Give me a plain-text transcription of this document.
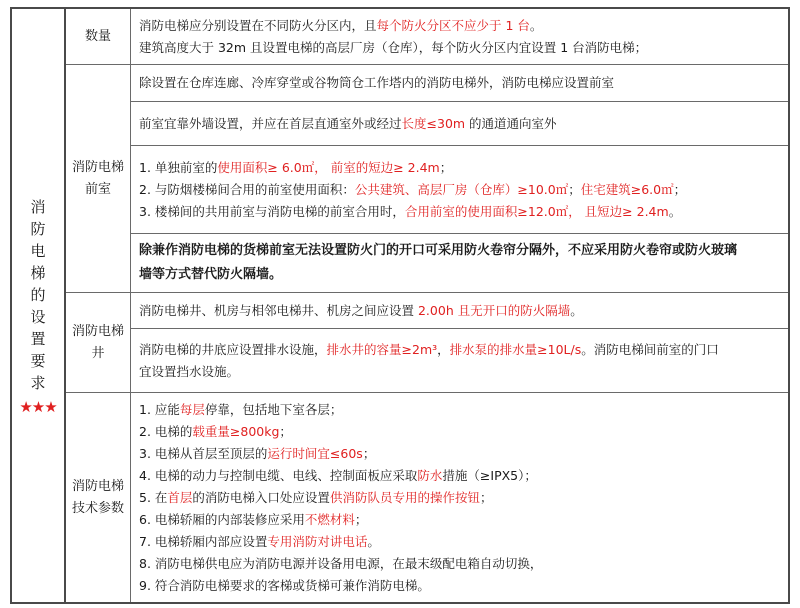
消
防
电
梯
的
设
置
要
求
★★★
数量
消防电梯应分别设置在不同防火分区内，且每个防火分区不应少于 1 台。
建筑高度大于 32m 且设置电梯的高层厂房（仓库），每个防火分区内宜设置 1 台消防电梯；
消防电梯前室
除设置在仓库连廊、冷库穿堂或谷物筒仓工作塔内的消防电梯外，消防电梯应设置前室
前室宜靠外墙设置，并应在首层直通室外或经过长度≤30m 的通道通向室外
1. 单独前室的使用面积≥ 6.0㎡， 前室的短边≥ 2.4m；
2. 与防烟楼梯间合用的前室使用面积：公共建筑、高层厂房（仓库）≥10.0㎡；住宅建筑≥6.0㎡；
3. 楼梯间的共用前室与消防电梯的前室合用时，合用前室的使用面积≥12.0㎡， 且短边≥ 2.4m。
除兼作消防电梯的货梯前室无法设置防火门的开口可采用防火卷帘分隔外，不应采用防火卷帘或防火玻璃
墙等方式替代防火隔墙。
消防电梯井
消防电梯井、机房与相邻电梯井、机房之间应设置 2.00h 且无开口的防火隔墙。
消防电梯的井底应设置排水设施，排水井的容量≥2m³，排水泵的排水量≥10L/s。消防电梯间前室的门口
宜设置挡水设施。
消防电梯技术参数
1. 应能每层停靠，包括地下室各层；
2. 电梯的载重量≥800kg；
3. 电梯从首层至顶层的运行时间宜≤60s；
4. 电梯的动力与控制电缆、电线、控制面板应采取防水措施（≥IPX5）；
5. 在首层的消防电梯入口处应设置供消防队员专用的操作按钮；
6. 电梯轿厢的内部装修应采用不燃材料；
7. 电梯轿厢内部应设置专用消防对讲电话。
8. 消防电梯供电应为消防电源并设备用电源，在最末级配电箱自动切换，
9. 符合消防电梯要求的客梯或货梯可兼作消防电梯。
